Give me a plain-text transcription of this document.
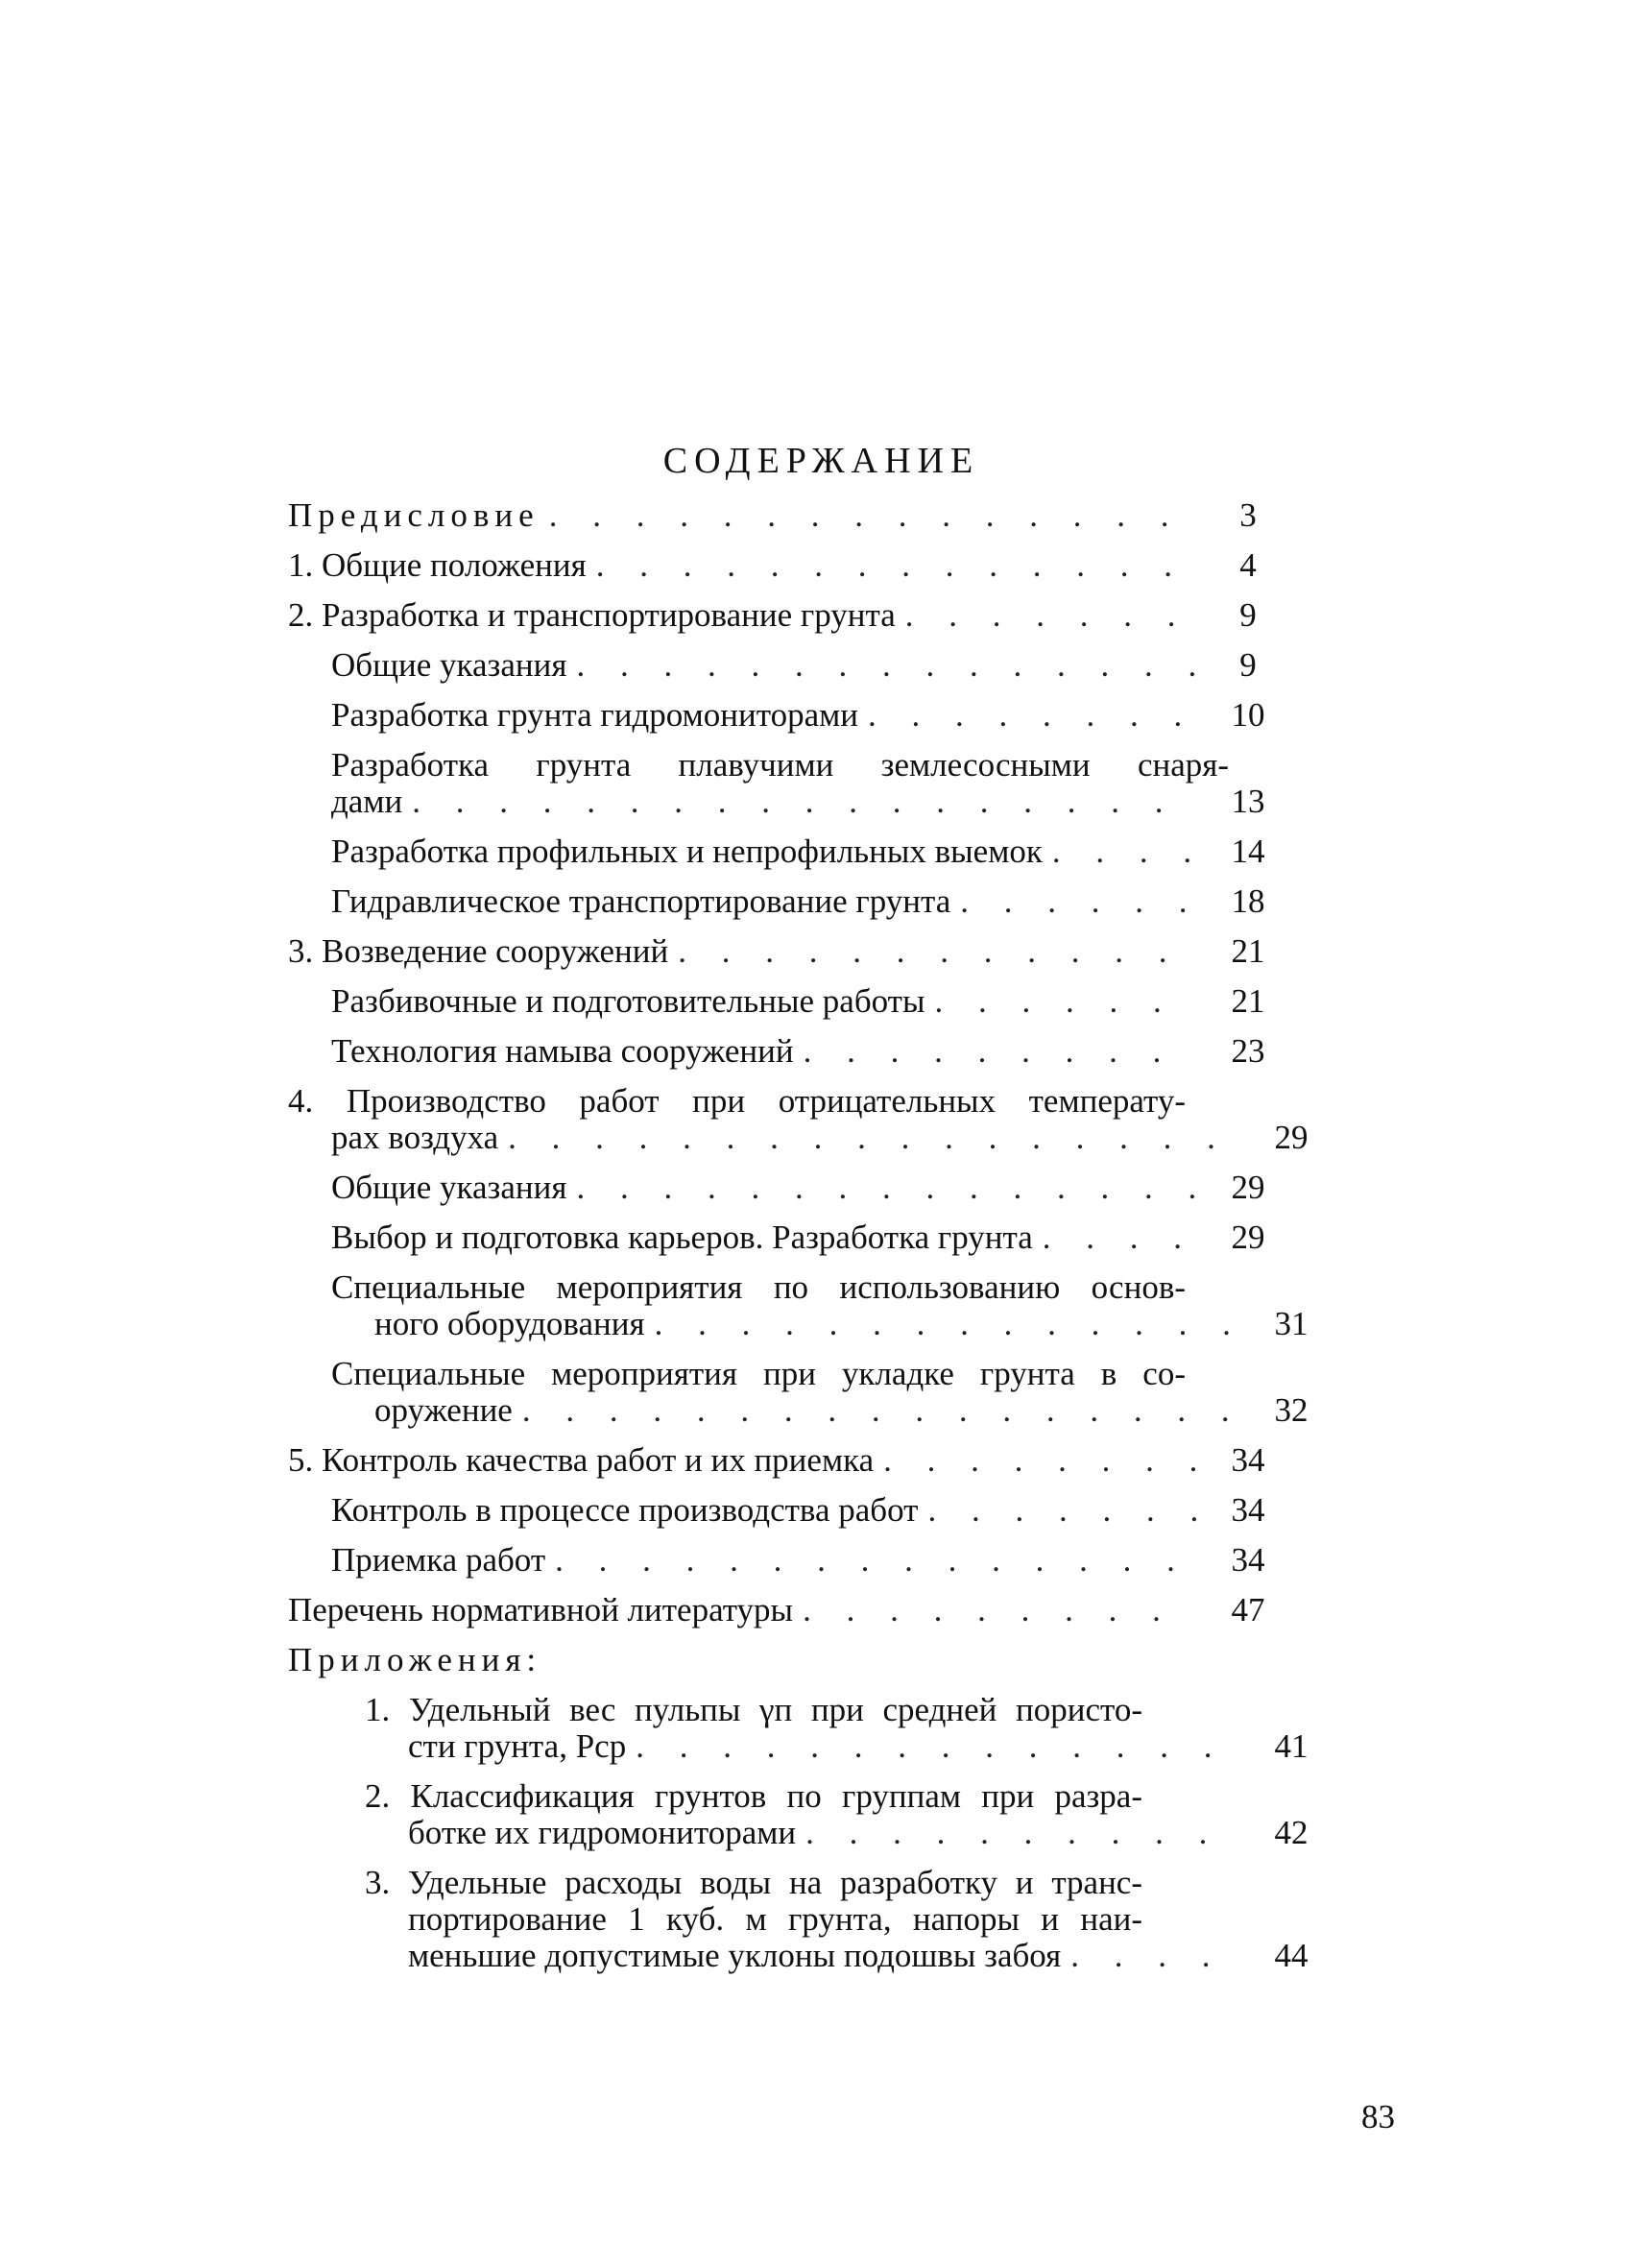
СОДЕРЖАНИЕ
Предисловие . . .	3
1. Общие положения . . .	4
2. Разработка и транспортирование грунта . . .	9
Общие указания . . .	9
Разработка грунта гидромониторами . . .	10
Разработка грунта плавучими землесосными снаря-
дами . . .	13
Разработка профильных и непрофильных выемок . . .	14
Гидравлическое транспортирование грунта . . .	18
3. Возведение сооружений . . .	21
Разбивочные и подготовительные работы . . .	21
Технология намыва сооружений . . .	23
4. Производство работ при отрицательных температу-
рах воздуха . . .	29
Общие указания . . .	29
Выбор и подготовка карьеров. Разработка грунта . . .	29
Специальные мероприятия по использованию основ-
ного оборудования . . .	31
Специальные мероприятия при укладке грунта в со-
оружение . . .	32
5. Контроль качества работ и их приемка . . .	34
Контроль в процессе производства работ . . .	34
Приемка работ . . .	34
Перечень нормативной литературы . . .	47
Приложения:
1. Удельный вес пульпы γп при средней пористо-
сти грунта, Pср . . .	41
2. Классификация грунтов по группам при разра-
ботке их гидромониторами . . .	42
3. Удельные расходы воды на разработку и транс-
портирование 1 куб. м грунта, напоры и наи-
меньшие допустимые уклоны подошвы забоя . . .	44
83
